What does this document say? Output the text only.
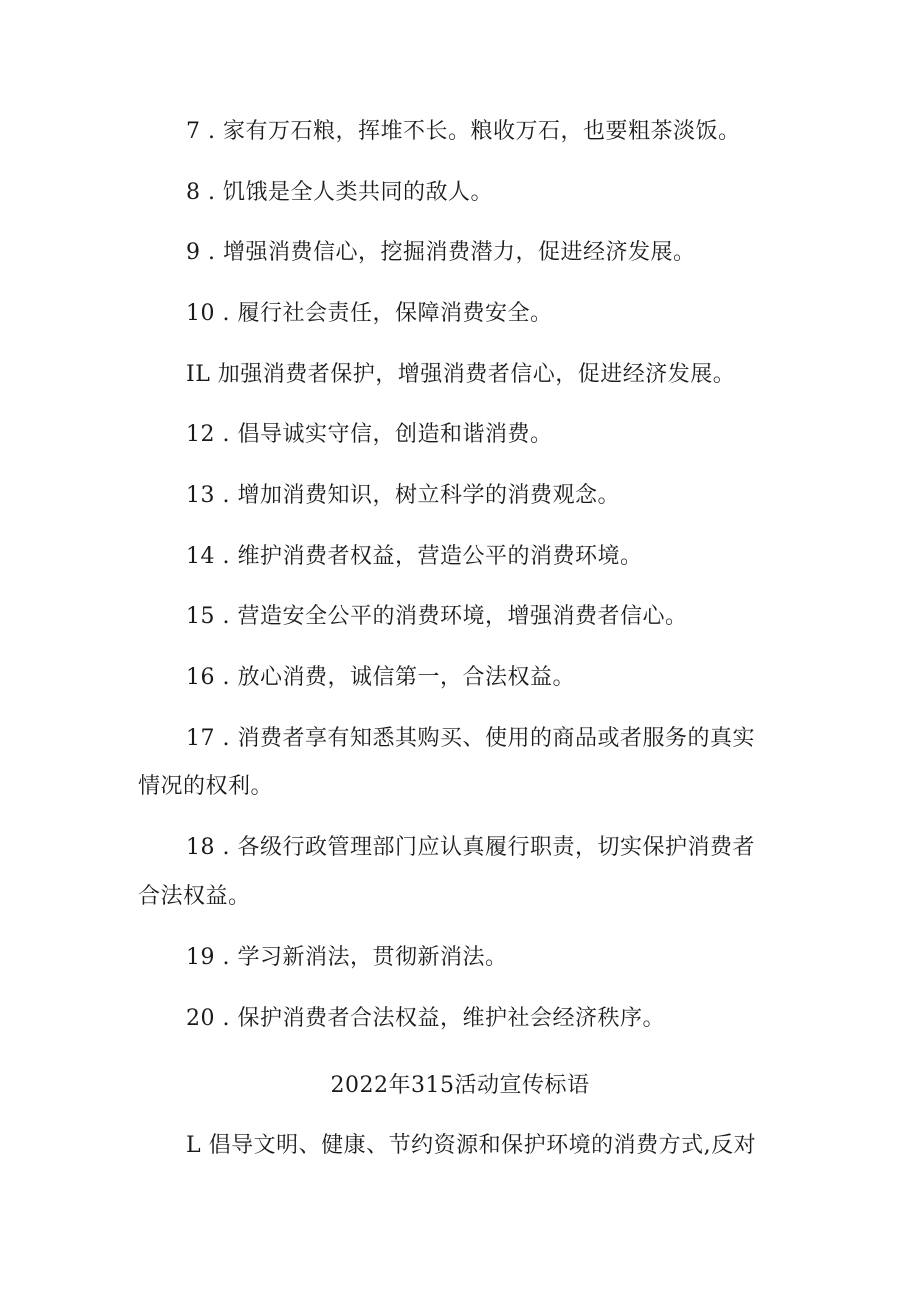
7 . 家有万石粮，挥堆不长。粮收万石，也要粗茶淡饭。
8 . 饥饿是全人类共同的敌人。
9 . 增强消费信心，挖掘消费潜力，促进经济发展。
10 . 履行社会责任，保障消费安全。
IL 加强消费者保护，增强消费者信心，促进经济发展。
12 . 倡导诚实守信，创造和谐消费。
13 . 增加消费知识，树立科学的消费观念。
14 . 维护消费者权益，营造公平的消费环境。
15 . 营造安全公平的消费环境，增强消费者信心。
16 . 放心消费，诚信第一，合法权益。
17 . 消费者享有知悉其购买、使用的商品或者服务的真实
情况的权利。
18 . 各级行政管理部门应认真履行职责，切实保护消费者
合法权益。
19 . 学习新消法，贯彻新消法。
20 . 保护消费者合法权益，维护社会经济秩序。
2022年315活动宣传标语
L 倡导文明、健康、节约资源和保护环境的消费方式,反对
